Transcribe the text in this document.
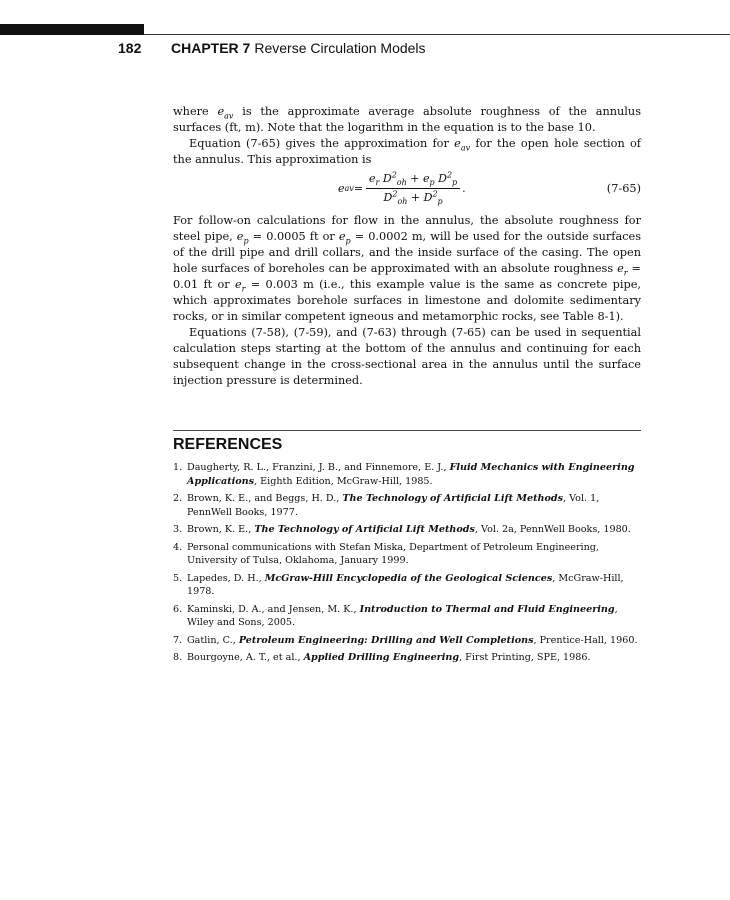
182 CHAPTER 7 Reverse Circulation Models

where $e_{av}$ is the approximate average absolute roughness of the annulus surfaces (ft, m). Note that the logarithm in the equation is to the base 10.

Equation (7-65) gives the approximation for $e_{av}$ for the open hole section of the annulus. This approximation is

e av = $\frac{e_r D^2_{oh} + e_p D^2_p}{D^2_{oh} + D^2_p}$ .	(7-65)

For follow-on calculations for flow in the annulus, the absolute roughness for steel pipe, $e_p = 0.0005$ ft or $e_p = 0.0002$ m, will be used for the outside surfaces of the drill pipe and drill collars, and the inside surface of the casing. The open hole surfaces of boreholes can be approximated with an absolute roughness $e_r = 0.01$ ft or $e_r = 0.003$ m (i.e., this example value is the same as concrete pipe, which approximates borehole surfaces in limestone and dolomite sedimentary rocks, or in similar competent igneous and metamorphic rocks, see Table 8-1).

Equations (7-58), (7-59), and (7-63) through (7-65) can be used in sequential calculation steps starting at the bottom of the annulus and continuing for each subsequent change in the cross-sectional area in the annulus until the surface injection pressure is determined.

REFERENCES
1. Daugherty, R. L., Franzini, J. B., and Finnemore, E. J., Fluid Mechanics with Engineering Applications, Eighth Edition, McGraw-Hill, 1985.
2. Brown, K. E., and Beggs, H. D., The Technology of Artificial Lift Methods, Vol. 1, PennWell Books, 1977.
3. Brown, K. E., The Technology of Artificial Lift Methods, Vol. 2a, PennWell Books, 1980.
4. Personal communications with Stefan Miska, Department of Petroleum Engineering, University of Tulsa, Oklahoma, January 1999.
5. Lapedes, D. H., McGraw-Hill Encyclopedia of the Geological Sciences, McGraw-Hill, 1978.
6. Kaminski, D. A., and Jensen, M. K., Introduction to Thermal and Fluid Engineering, Wiley and Sons, 2005.
7. Gatlin, C., Petroleum Engineering: Drilling and Well Completions, Prentice-Hall, 1960.
8. Bourgoyne, A. T., et al., Applied Drilling Engineering, First Printing, SPE, 1986.
